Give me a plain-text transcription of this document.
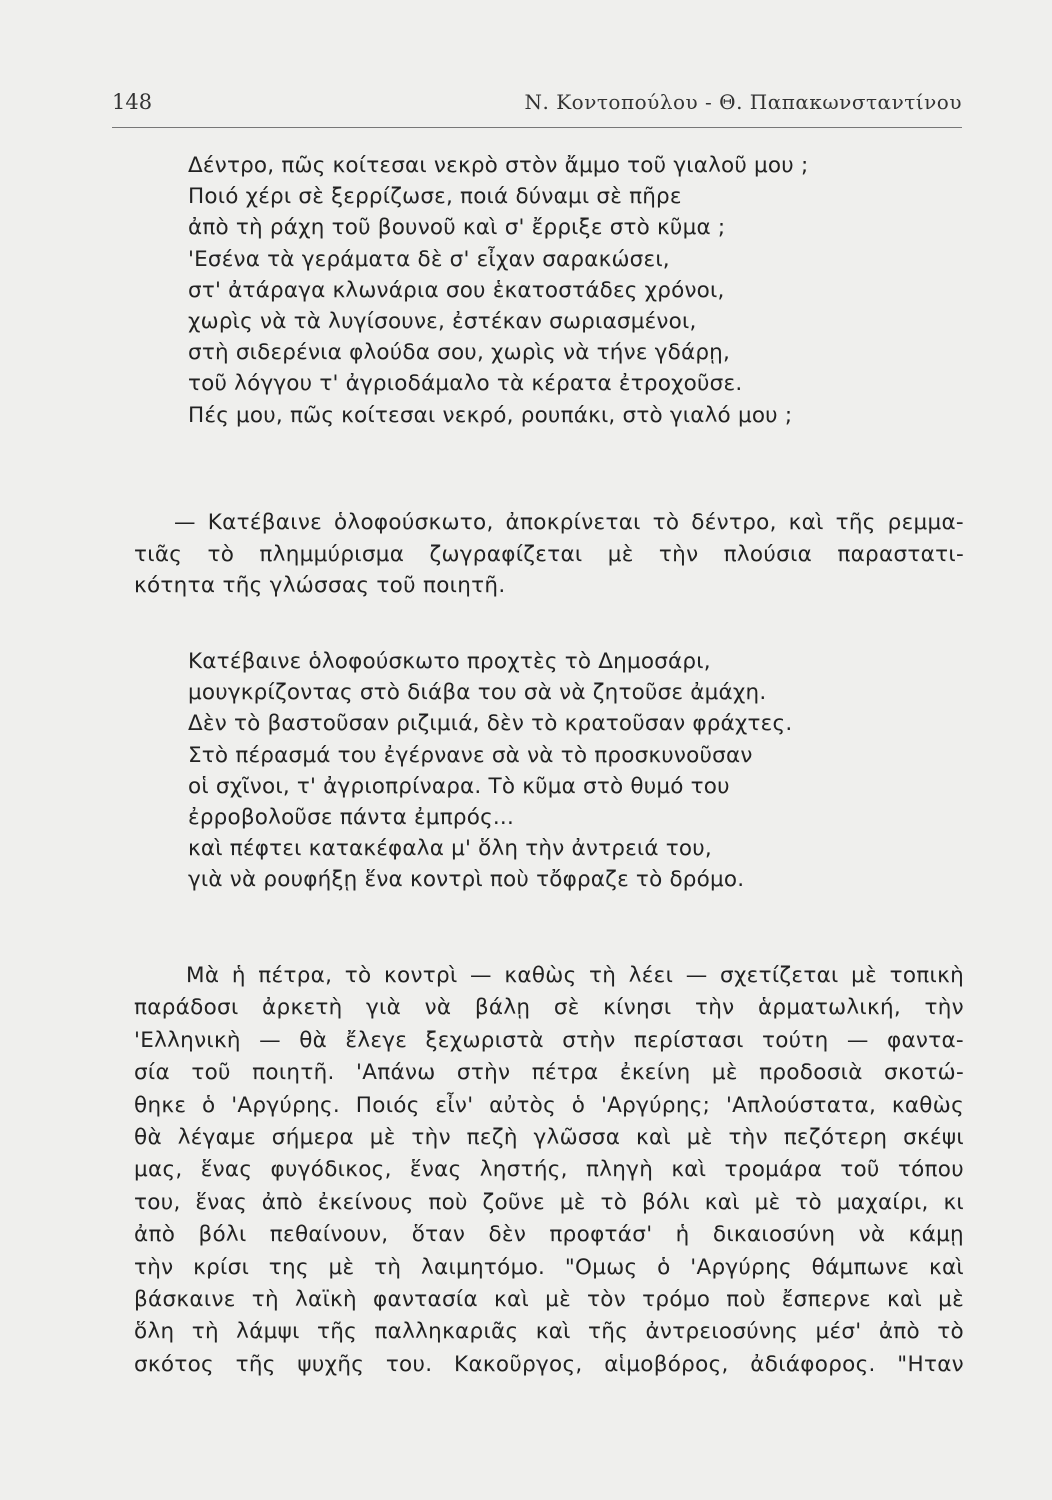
148	Ν. Κοντοπούλου - Θ. Παπακωνσταντίνου
Δέντρο, πῶς κοίτεσαι νεκρὸ στὸν ἄμμο τοῦ γιαλοῦ μου ;
Ποιό χέρι σὲ ξερρίζωσε, ποιά δύναμι σὲ πῆρε
ἀπὸ τὴ ράχη τοῦ βουνοῦ καὶ σ' ἔρριξε στὸ κῦμα ;
'Εσένα τὰ γεράματα δὲ σ' εἶχαν σαρακώσει,
στ' ἀτάραγα κλωνάρια σου ἑκατοστάδες χρόνοι,
χωρὶς νὰ τὰ λυγίσουνε, ἐστέκαν σωριασμένοι,
στὴ σιδερένια φλούδα σου, χωρὶς νὰ τήνε γδάρῃ,
τοῦ λόγγου τ' ἀγριοδάμαλο τὰ κέρατα ἐτροχοῦσε.
Πές μου, πῶς κοίτεσαι νεκρό, ρουπάκι, στὸ γιαλό μου ;
— Κατέβαινε ὁλοφούσκωτο, ἀποκρίνεται τὸ δέντρο, καὶ τῆς ρεμμα-
τιᾶς τὸ πλημμύρισμα ζωγραφίζεται μὲ τὴν πλούσια παραστατι-
κότητα τῆς γλώσσας τοῦ ποιητῆ.
Κατέβαινε ὁλοφούσκωτο προχτὲς τὸ Δημοσάρι,
μουγκρίζοντας στὸ διάβα του σὰ νὰ ζητοῦσε ἀμάχη.
Δὲν τὸ βαστοῦσαν ριζιμιά, δὲν τὸ κρατοῦσαν φράχτες.
Στὸ πέρασμά του ἐγέρνανε σὰ νὰ τὸ προσκυνοῦσαν
οἱ σχῖνοι, τ' ἀγριοπρίναρα. Τὸ κῦμα στὸ θυμό του
ἐρροβολοῦσε πάντα ἐμπρός...
καὶ πέφτει κατακέφαλα μ' ὅλη τὴν ἀντρειά του,
γιὰ νὰ ρουφήξῃ ἕνα κοντρὶ ποὺ τὄφραζε τὸ δρόμο.
Μὰ ἡ πέτρα, τὸ κοντρὶ — καθὼς τὴ λέει — σχετίζεται μὲ τοπικὴ
παράδοσι ἀρκετὴ γιὰ νὰ βάλῃ σὲ κίνησι τὴν ἁρματωλική, τὴν
'Ελληνικὴ — θὰ ἔλεγε ξεχωριστὰ στὴν περίστασι τούτη — φαντα-
σία τοῦ ποιητῆ. 'Απάνω στὴν πέτρα ἐκείνη μὲ προδοσιὰ σκοτώ-
θηκε ὁ 'Αργύρης. Ποιός εἶν' αὐτὸς ὁ 'Αργύρης; 'Απλούστατα, καθὼς
θὰ λέγαμε σήμερα μὲ τὴν πεζὴ γλῶσσα καὶ μὲ τὴν πεζότερη σκέψι
μας, ἕνας φυγόδικος, ἕνας ληστής, πληγὴ καὶ τρομάρα τοῦ τόπου
του, ἕνας ἀπὸ ἐκείνους ποὺ ζοῦνε μὲ τὸ βόλι καὶ μὲ τὸ μαχαίρι, κι
ἀπὸ βόλι πεθαίνουν, ὅταν δὲν προφτάσ' ἡ δικαιοσύνη νὰ κάμῃ
τὴν κρίσι της μὲ τὴ λαιμητόμο. "Ομως ὁ 'Αργύρης θάμπωνε καὶ
βάσκαινε τὴ λαϊκὴ φαντασία καὶ μὲ τὸν τρόμο ποὺ ἔσπερνε καὶ μὲ
ὅλη τὴ λάμψι τῆς παλληκαριᾶς καὶ τῆς ἀντρειοσύνης μέσ' ἀπὸ τὸ
σκότος τῆς ψυχῆς του. Κακοῦργος, αἱμοβόρος, ἀδιάφορος. "Ηταν
